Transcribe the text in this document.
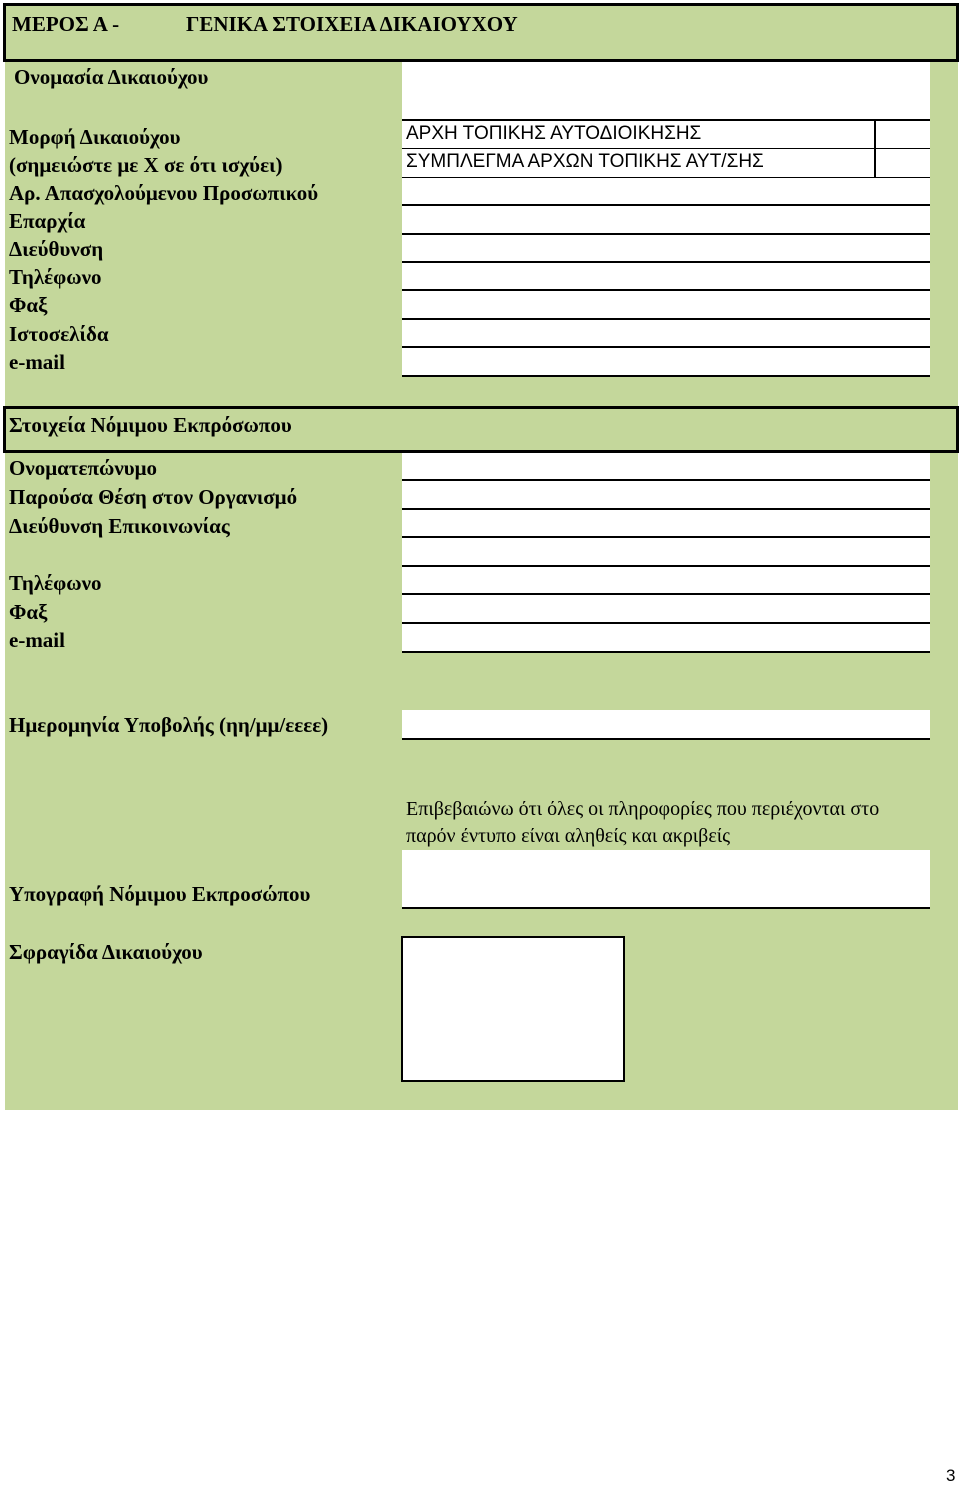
ΜΕΡΟΣ Α -	ΓΕΝΙΚΑ ΣΤΟΙΧΕΙΑ ΔΙΚΑΙΟΥΧΟΥ
Ονομασία Δικαιούχου
Μορφή Δικαιούχου
(σημειώστε με Χ σε ότι ισχύει)
ΑΡΧΗ ΤΟΠΙΚΗΣ ΑΥΤΟΔΙΟΙΚΗΣΗΣ
ΣΥΜΠΛΕΓΜΑ ΑΡΧΩΝ ΤΟΠΙΚΗΣ ΑΥΤ/ΣΗΣ
Αρ. Απασχολούμενου Προσωπικού
Επαρχία
Διεύθυνση
Τηλέφωνο
Φαξ
Ιστοσελίδα
e-mail
Στοιχεία Νόμιμου Εκπρόσωπου
Ονοματεπώνυμο
Παρούσα Θέση στον Οργανισμό
Διεύθυνση Επικοινωνίας
Τηλέφωνο
Φαξ
e-mail
Ημερομηνία Υποβολής (ηη/μμ/εεεε)
Επιβεβαιώνω ότι όλες οι πληροφορίες που περιέχονται στο
παρόν έντυπο είναι αληθείς και ακριβείς
Υπογραφή Νόμιμου Εκπροσώπου
Σφραγίδα Δικαιούχου
3
